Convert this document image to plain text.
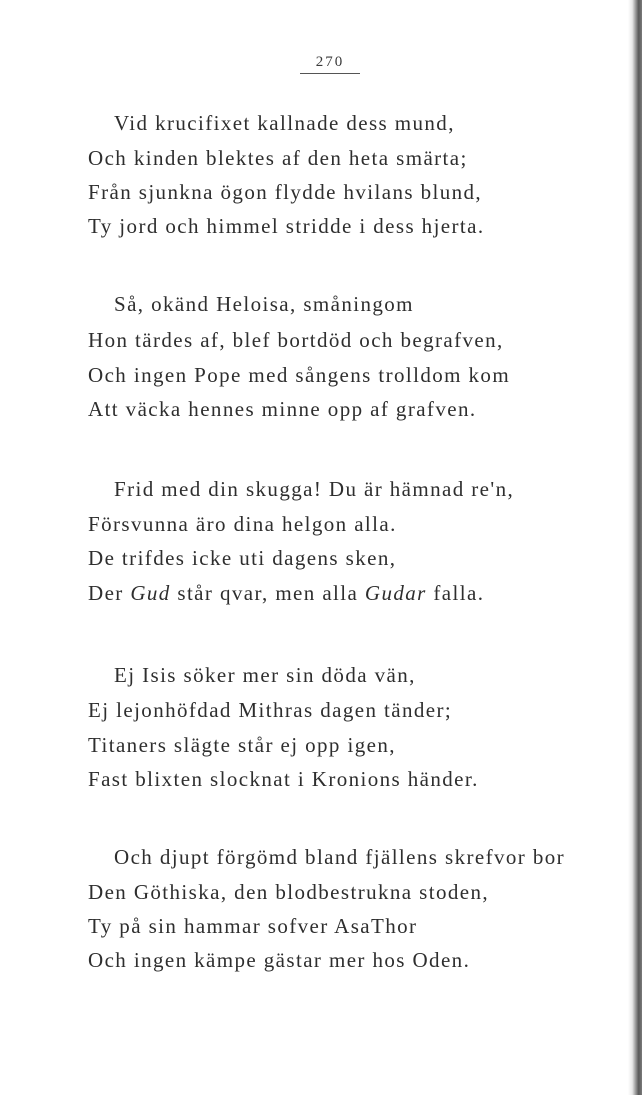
270
Vid krucifixet kallnade dess mund,
Och kinden blektes af den heta smärta;
Från sjunkna ögon flydde hvilans blund,
Ty jord och himmel stridde i dess hjerta.
Så, okänd Heloisa, småningom
Hon tärdes af, blef bortdöd och begrafven,
Och ingen Pope med sångens trolldom kom
Att väcka hennes minne opp af grafven.
Frid med din skugga! Du är hämnad re'n,
Försvunna äro dina helgon alla.
De trifdes icke uti dagens sken,
Der Gud står qvar, men alla Gudar falla.
Ej Isis söker mer sin döda vän,
Ej lejonhöfdad Mithras dagen tänder;
Titaners slägte står ej opp igen,
Fast blixten slocknat i Kronions händer.
Och djupt förgömd bland fjällens skrefvor bor
Den Göthiska, den blodbestrukna stoden,
Ty på sin hammar sofver AsaThor
Och ingen kämpe gästar mer hos Oden.
